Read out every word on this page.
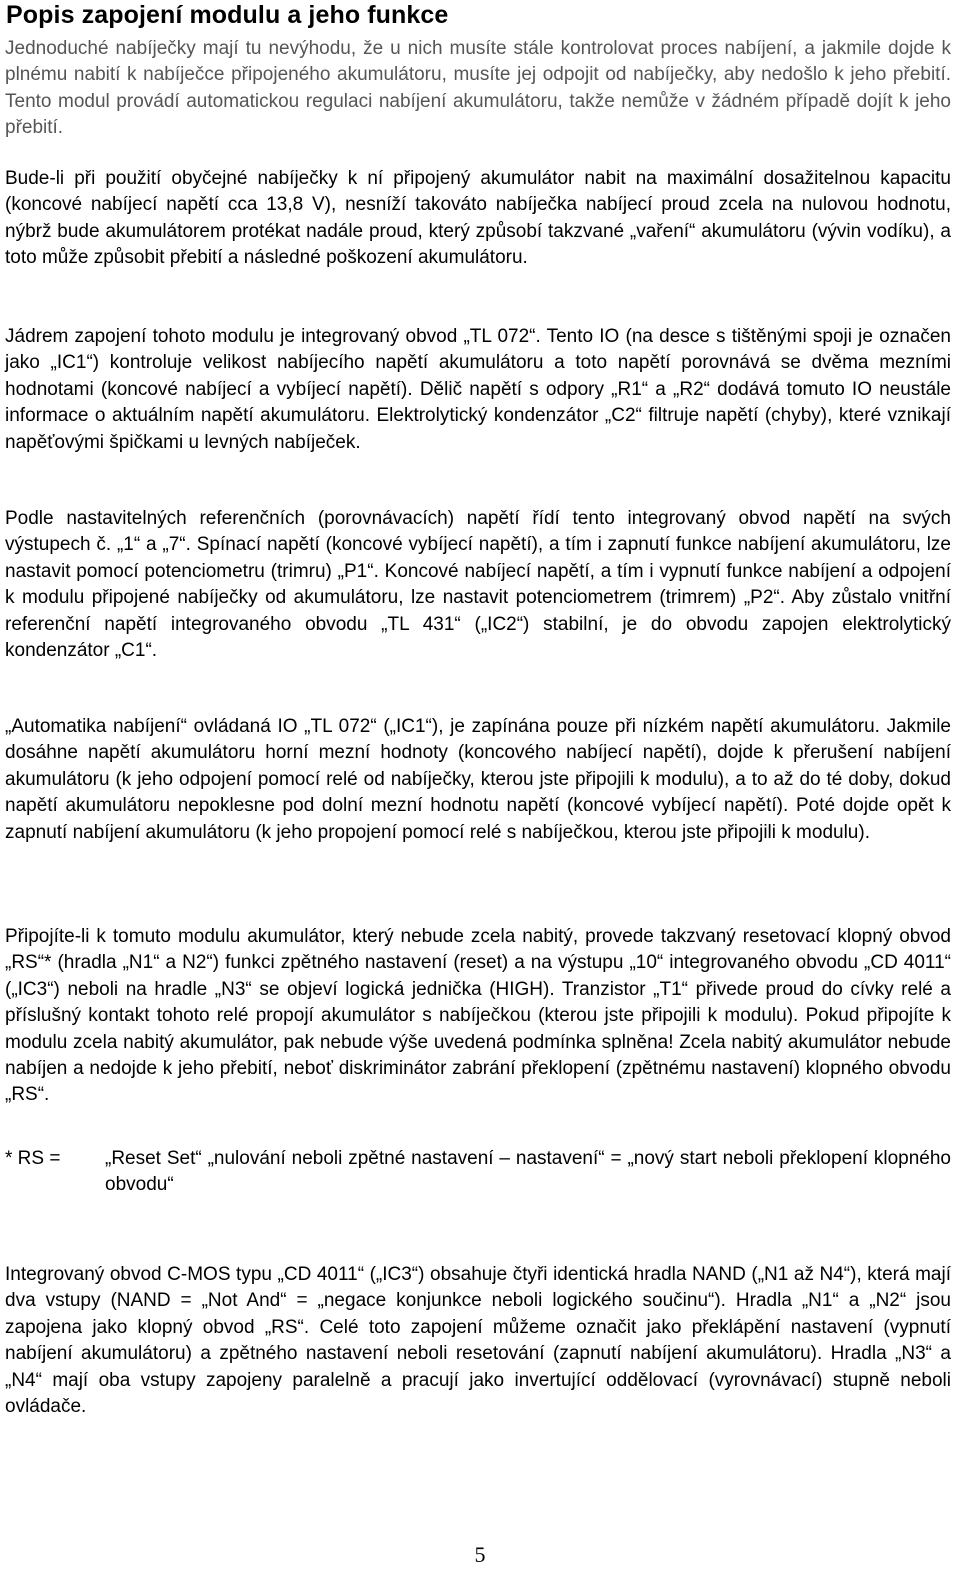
Popis zapojení modulu a jeho funkce

Jednoduché nabíječky mají tu nevýhodu, že u nich musíte stále kontrolovat proces nabíjení, a jakmile dojde k plnému nabití k nabíječce připojeného akumulátoru, musíte jej odpojit od nabíječky, aby nedošlo k jeho přebití. Tento modul provádí automatickou regulaci nabíjení akumulátoru, takže nemůže v žádném případě dojít k jeho přebití.

Bude-li při použití obyčejné nabíječky k ní připojený akumulátor nabit na maximální dosažitelnou kapacitu (koncové nabíjecí napětí cca 13,8 V), nesníží takováto nabíječka nabíjecí proud zcela na nulovou hodnotu, nýbrž bude akumulátorem protékat nadále proud, který způsobí takzvané „vaření“ akumulátoru (vývin vodíku), a toto může způsobit přebití a následné poškození akumulátoru.

Jádrem zapojení tohoto modulu je integrovaný obvod „TL 072“. Tento IO (na desce s tištěnými spoji je označen jako „IC1“) kontroluje velikost nabíjecího napětí akumulátoru a toto napětí porovnává se dvěma mezními hodnotami (koncové nabíjecí a vybíjecí napětí). Dělič napětí s odpory „R1“ a „R2“ dodává tomuto IO neustále informace o aktuálním napětí akumulátoru. Elektrolytický kondenzátor „C2“ filtruje napětí (chyby), které vznikají napěťovými špičkami u levných nabíječek.

Podle nastavitelných referenčních (porovnávacích) napětí řídí tento integrovaný obvod napětí na svých výstupech č. „1“ a „7“. Spínací napětí (koncové vybíjecí napětí), a tím i zapnutí funkce nabíjení akumulátoru, lze nastavit pomocí potenciometru (trimru) „P1“. Koncové nabíjecí napětí, a tím i vypnutí funkce nabíjení a odpojení k modulu připojené nabíječky od akumulátoru, lze nastavit potenciometrem (trimrem) „P2“. Aby zůstalo vnitřní referenční napětí integrovaného obvodu „TL 431“ („IC2“) stabilní, je do obvodu zapojen elektrolytický kondenzátor „C1“.

„Automatika nabíjení“ ovládaná IO „TL 072“ („IC1“), je zapínána pouze při nízkém napětí akumulátoru. Jakmile dosáhne napětí akumulátoru horní mezní hodnoty (koncového nabíjecí napětí), dojde k přerušení nabíjení akumulátoru (k jeho odpojení pomocí relé od nabíječky, kterou jste připojili k modulu), a to až do té doby, dokud napětí akumulátoru nepoklesne pod dolní mezní hodnotu napětí (koncové vybíjecí napětí). Poté dojde opět k zapnutí nabíjení akumulátoru (k jeho propojení pomocí relé s nabíječkou, kterou jste připojili k modulu).

Připojíte-li k tomuto modulu akumulátor, který nebude zcela nabitý, provede takzvaný resetovací klopný obvod „RS“* (hradla „N1“ a N2“) funkci zpětného nastavení (reset) a na výstupu „10“ integrovaného obvodu „CD 4011“ („IC3“) neboli na hradle „N3“ se objeví logická jednička (HIGH). Tranzistor „T1“ přivede proud do cívky relé a příslušný kontakt tohoto relé propojí akumulátor s nabíječkou (kterou jste připojili k modulu). Pokud připojíte k modulu zcela nabitý akumulátor, pak nebude výše uvedená podmínka splněna! Zcela nabitý akumulátor nebude nabíjen a nedojde k jeho přebití, neboť diskriminátor zabrání překlopení (zpětnému nastavení) klopného obvodu „RS“.

* RS = „Reset Set“ „nulování neboli zpětné nastavení – nastavení“ = „nový start neboli překlopení klopného obvodu“

Integrovaný obvod C-MOS typu „CD 4011“ („IC3“) obsahuje čtyři identická hradla NAND („N1 až N4“), která mají dva vstupy (NAND = „Not And“ = „negace konjunkce neboli logického součinu“). Hradla „N1“ a „N2“ jsou zapojena jako klopný obvod „RS“. Celé toto zapojení můžeme označit jako překlápění nastavení (vypnutí nabíjení akumulátoru) a zpětného nastavení neboli resetování (zapnutí nabíjení akumulátoru). Hradla „N3“ a „N4“ mají oba vstupy zapojeny paralelně a pracují jako invertující oddělovací (vyrovnávací) stupně neboli ovládače.

5
